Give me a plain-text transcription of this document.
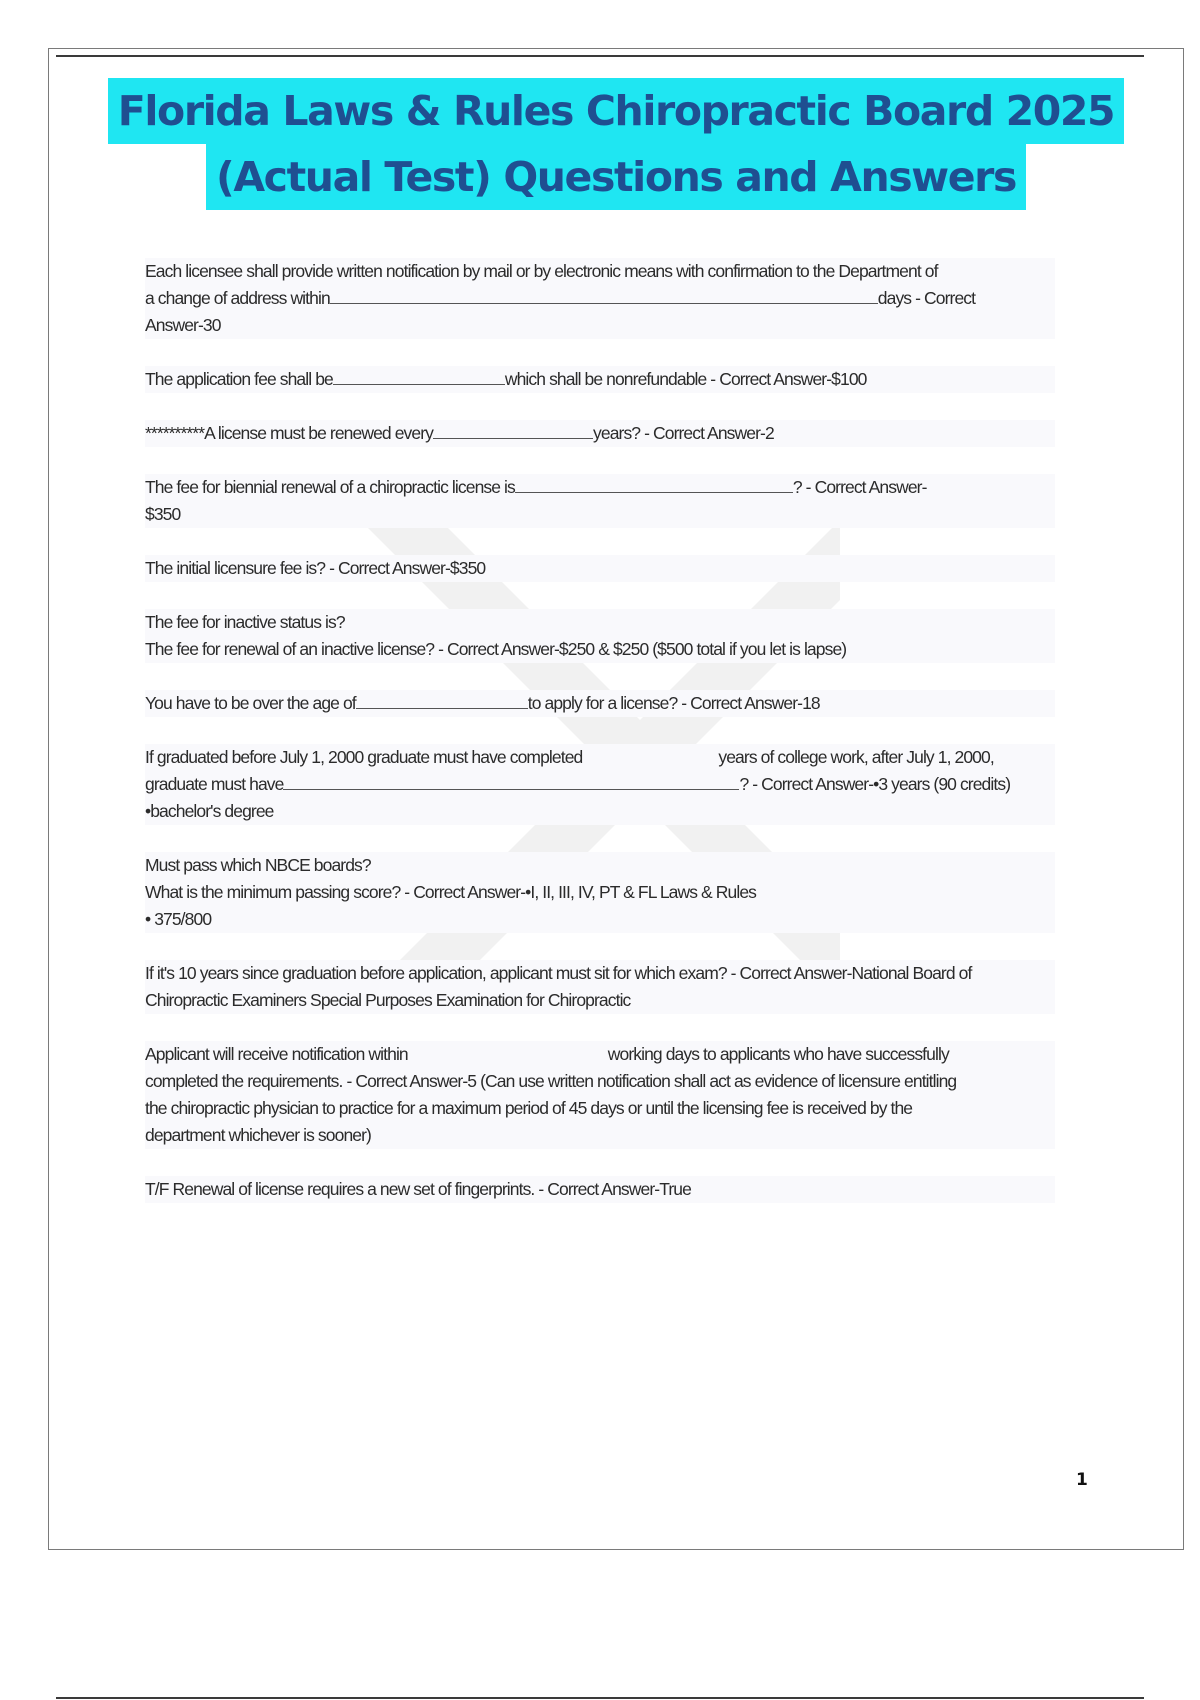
Florida Laws & Rules Chiropractic Board 2025
(Actual Test) Questions and Answers
Each licensee shall provide written notification by mail or by electronic means with confirmation to the Department of
a change of address within	days - Correct
Answer-30
The application fee shall be	which shall be nonrefundable - Correct Answer-$100
**********A license must be renewed every	years? - Correct Answer-2
The fee for biennial renewal of a chiropractic license is	? - Correct Answer-
$350
The initial licensure fee is? - Correct Answer-$350
The fee for inactive status is?
The fee for renewal of an inactive license? - Correct Answer-$250 & $250 ($500 total if you let is lapse)
You have to be over the age of	to apply for a license? - Correct Answer-18
If graduated before July 1, 2000 graduate must have completed	years of college work, after July 1, 2000,
graduate must have	? - Correct Answer-•3 years (90 credits)
•bachelor's degree
Must pass which NBCE boards?
What is the minimum passing score? - Correct Answer-•I, II, III, IV, PT & FL Laws & Rules
• 375/800
If it's 10 years since graduation before application, applicant must sit for which exam? - Correct Answer-National Board of
Chiropractic Examiners Special Purposes Examination for Chiropractic
Applicant will receive notification within	working days to applicants who have successfully
completed the requirements. - Correct Answer-5 (Can use written notification shall act as evidence of licensure entitling
the chiropractic physician to practice for a maximum period of 45 days or until the licensing fee is received by the
department whichever is sooner)
T/F Renewal of license requires a new set of fingerprints. - Correct Answer-True
1
